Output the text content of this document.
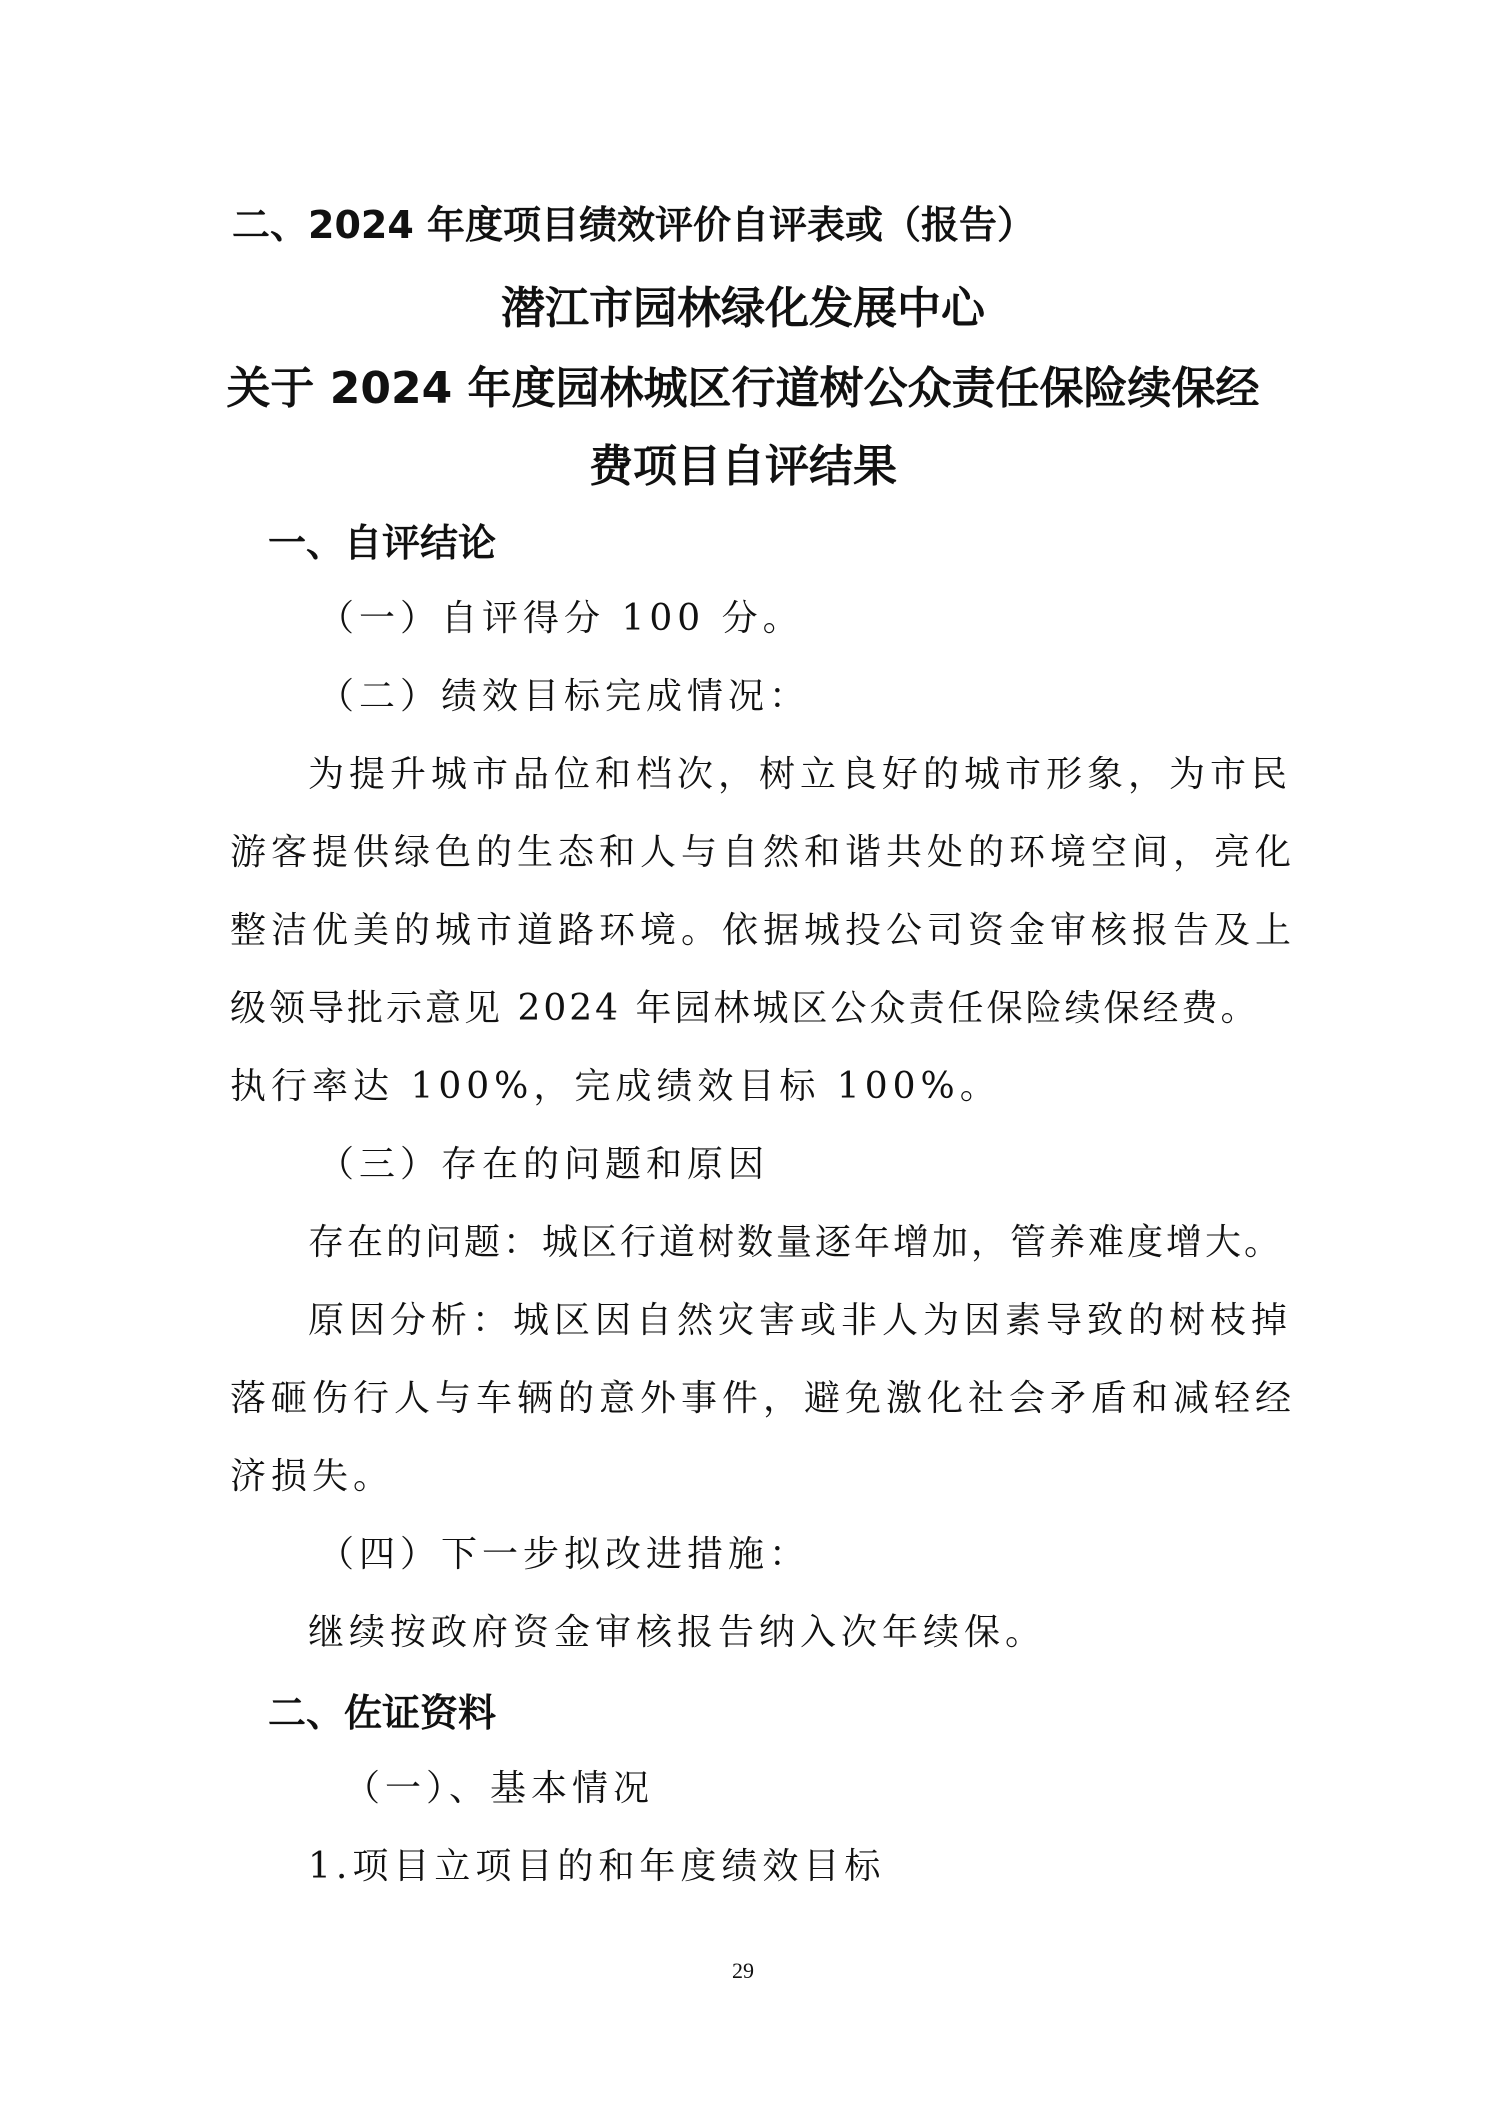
二、2024 年度项目绩效评价自评表或（报告）

潜江市园林绿化发展中心

关于 2024 年度园林城区行道树公众责任保险续保经

费项目自评结果

一、自评结论

（一）自评得分 100 分。

（二）绩效目标完成情况：

为提升城市品位和档次，树立良好的城市形象，为市民

游客提供绿色的生态和人与自然和谐共处的环境空间，亮化

整洁优美的城市道路环境。依据城投公司资金审核报告及上

级领导批示意见 2024 年园林城区公众责任保险续保经费。

执行率达 100%，完成绩效目标 100%。

（三）存在的问题和原因

存在的问题：城区行道树数量逐年增加，管养难度增大。

原因分析：城区因自然灾害或非人为因素导致的树枝掉

落砸伤行人与车辆的意外事件，避免激化社会矛盾和减轻经

济损失。

（四）下一步拟改进措施：

继续按政府资金审核报告纳入次年续保。

二、佐证资料

（一）、基本情况

1.项目立项目的和年度绩效目标

29
